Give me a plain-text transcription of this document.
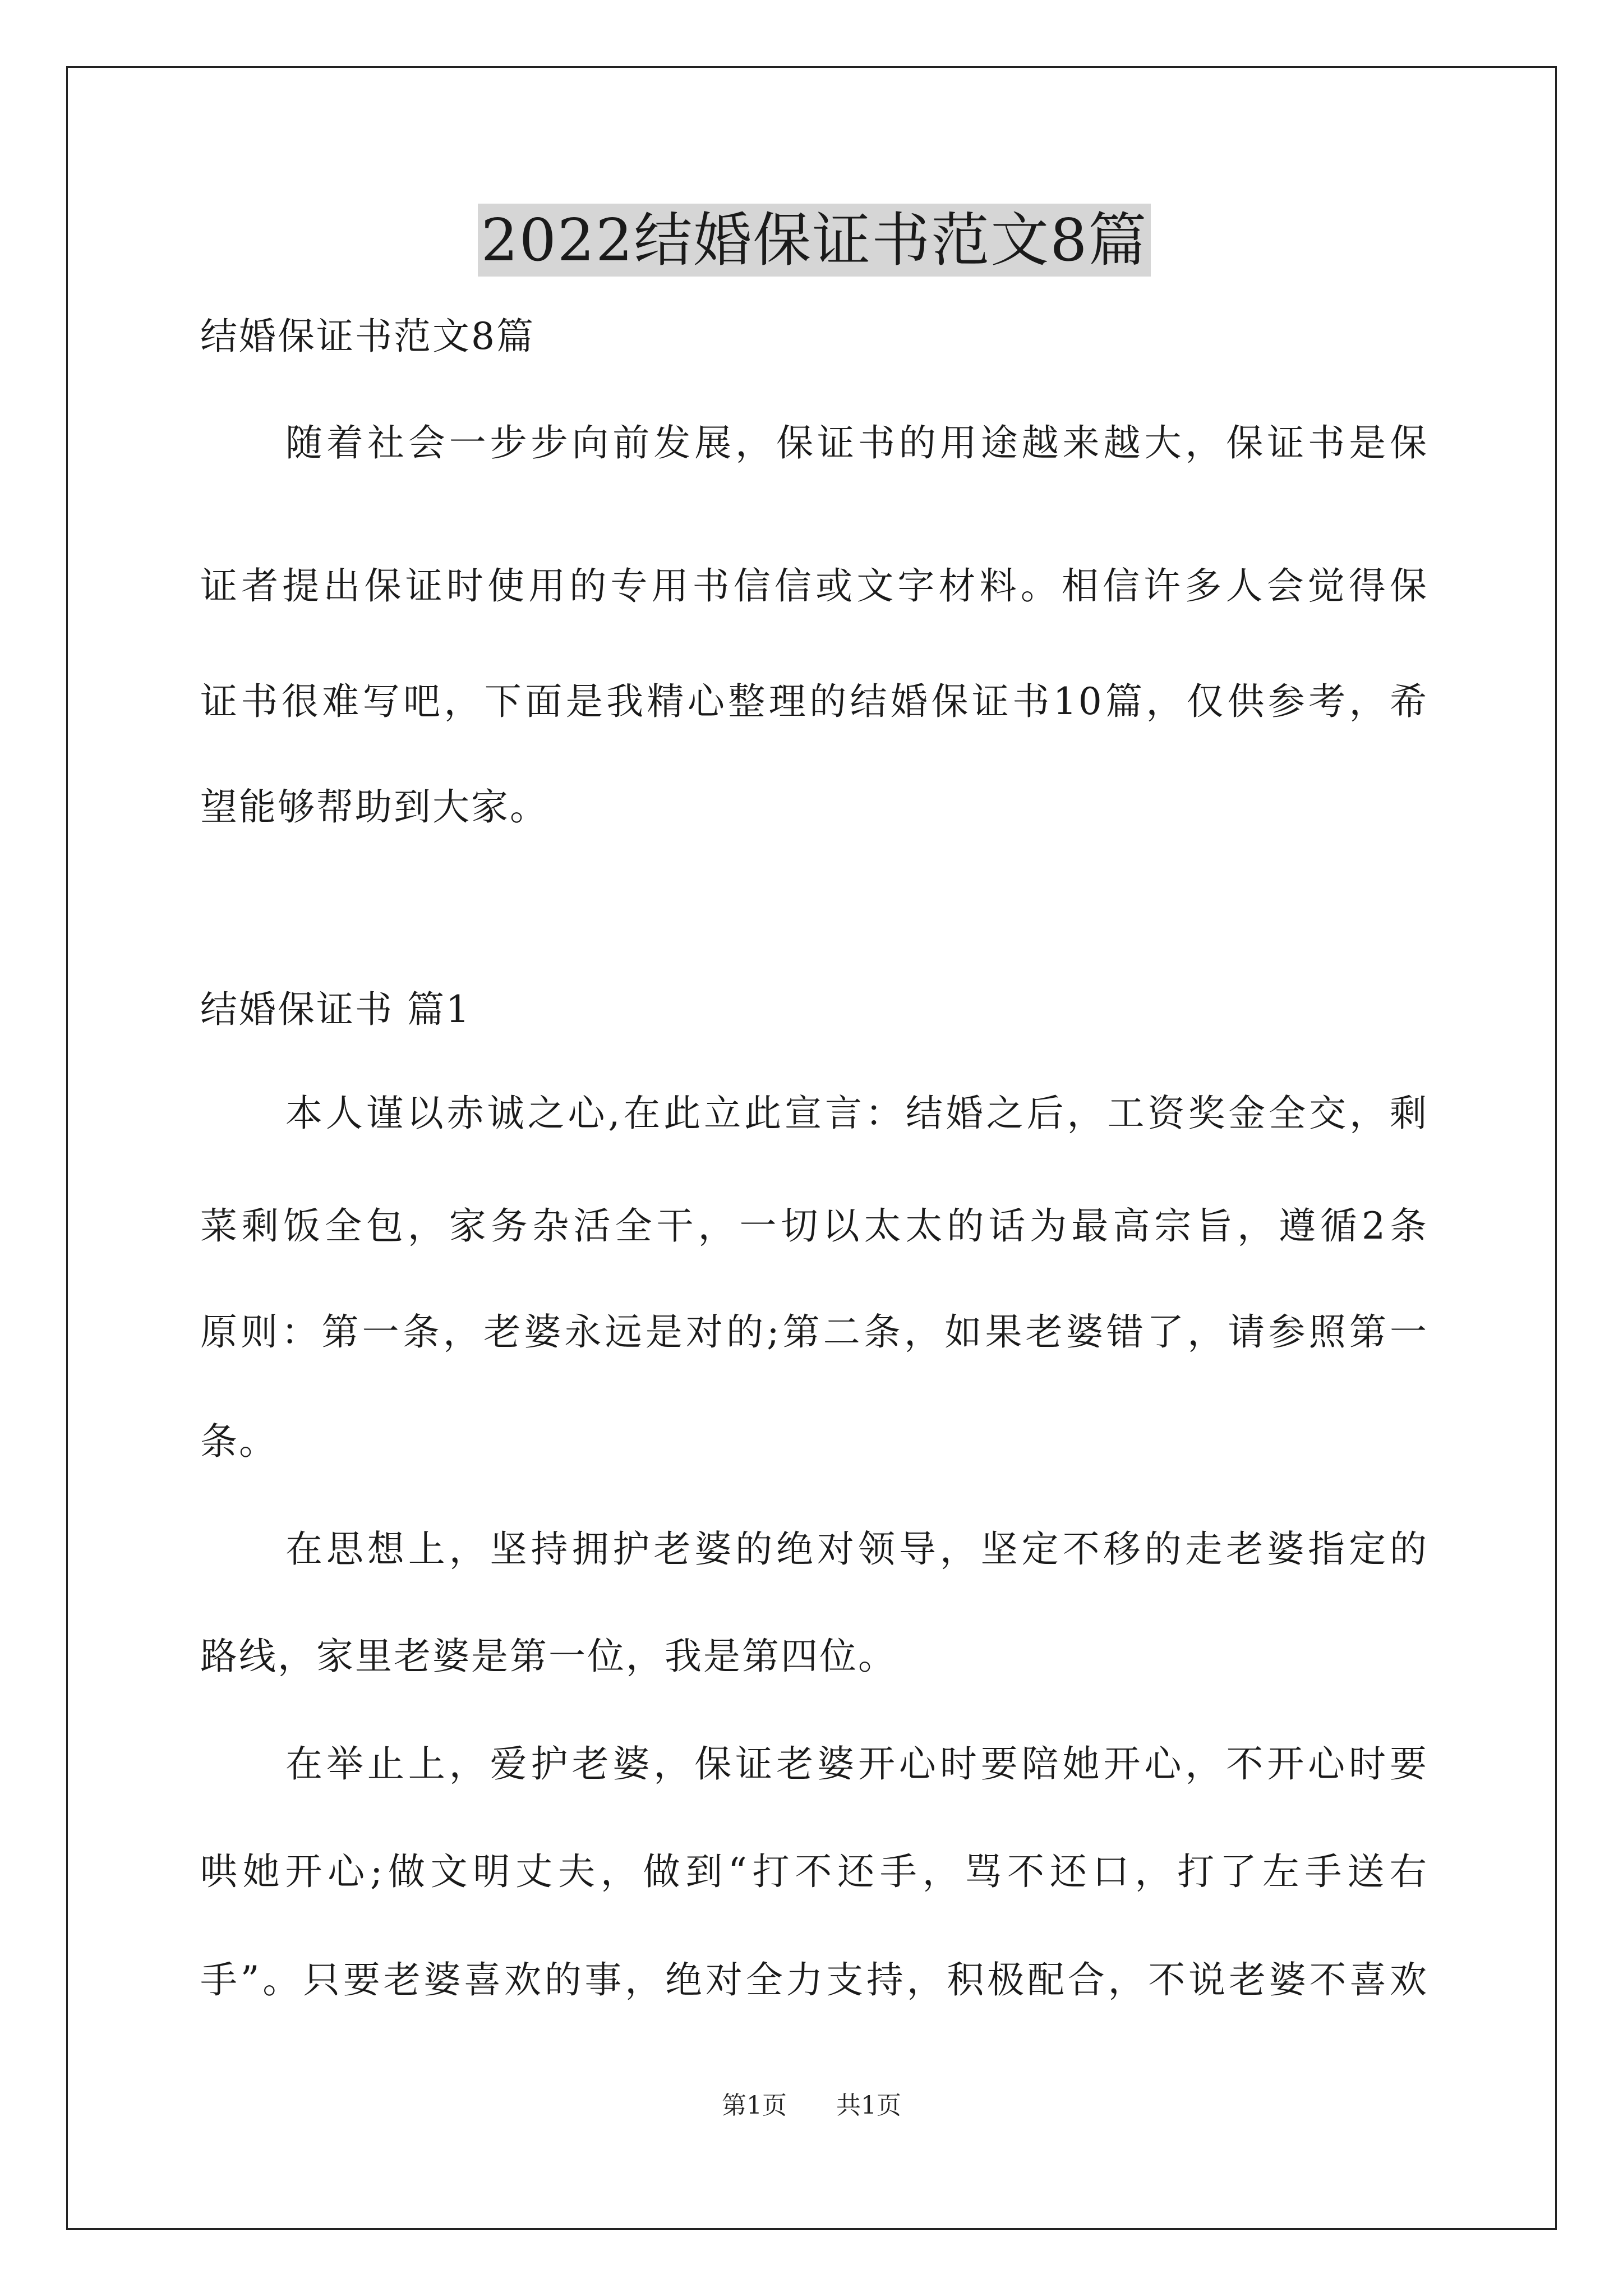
2022结婚保证书范文8篇
结婚保证书范文8篇
随着社会一步步向前发展，保证书的用途越来越大，保证书是保
证者提出保证时使用的专用书信信或文字材料。相信许多人会觉得保
证书很难写吧，下面是我精心整理的结婚保证书10篇，仅供参考，希
望能够帮助到大家。
结婚保证书 篇1
本人谨以赤诚之心,在此立此宣言：结婚之后，工资奖金全交，剩
菜剩饭全包，家务杂活全干，一切以太太的话为最高宗旨，遵循2条
原则：第一条，老婆永远是对的;第二条，如果老婆错了，请参照第一
条。
在思想上，坚持拥护老婆的绝对领导，坚定不移的走老婆指定的
路线，家里老婆是第一位，我是第四位。
在举止上，爱护老婆，保证老婆开心时要陪她开心，不开心时要
哄她开心;做文明丈夫，做到“打不还手，骂不还口，打了左手送右
手”。只要老婆喜欢的事，绝对全力支持，积极配合，不说老婆不喜欢
第1页 共1页
